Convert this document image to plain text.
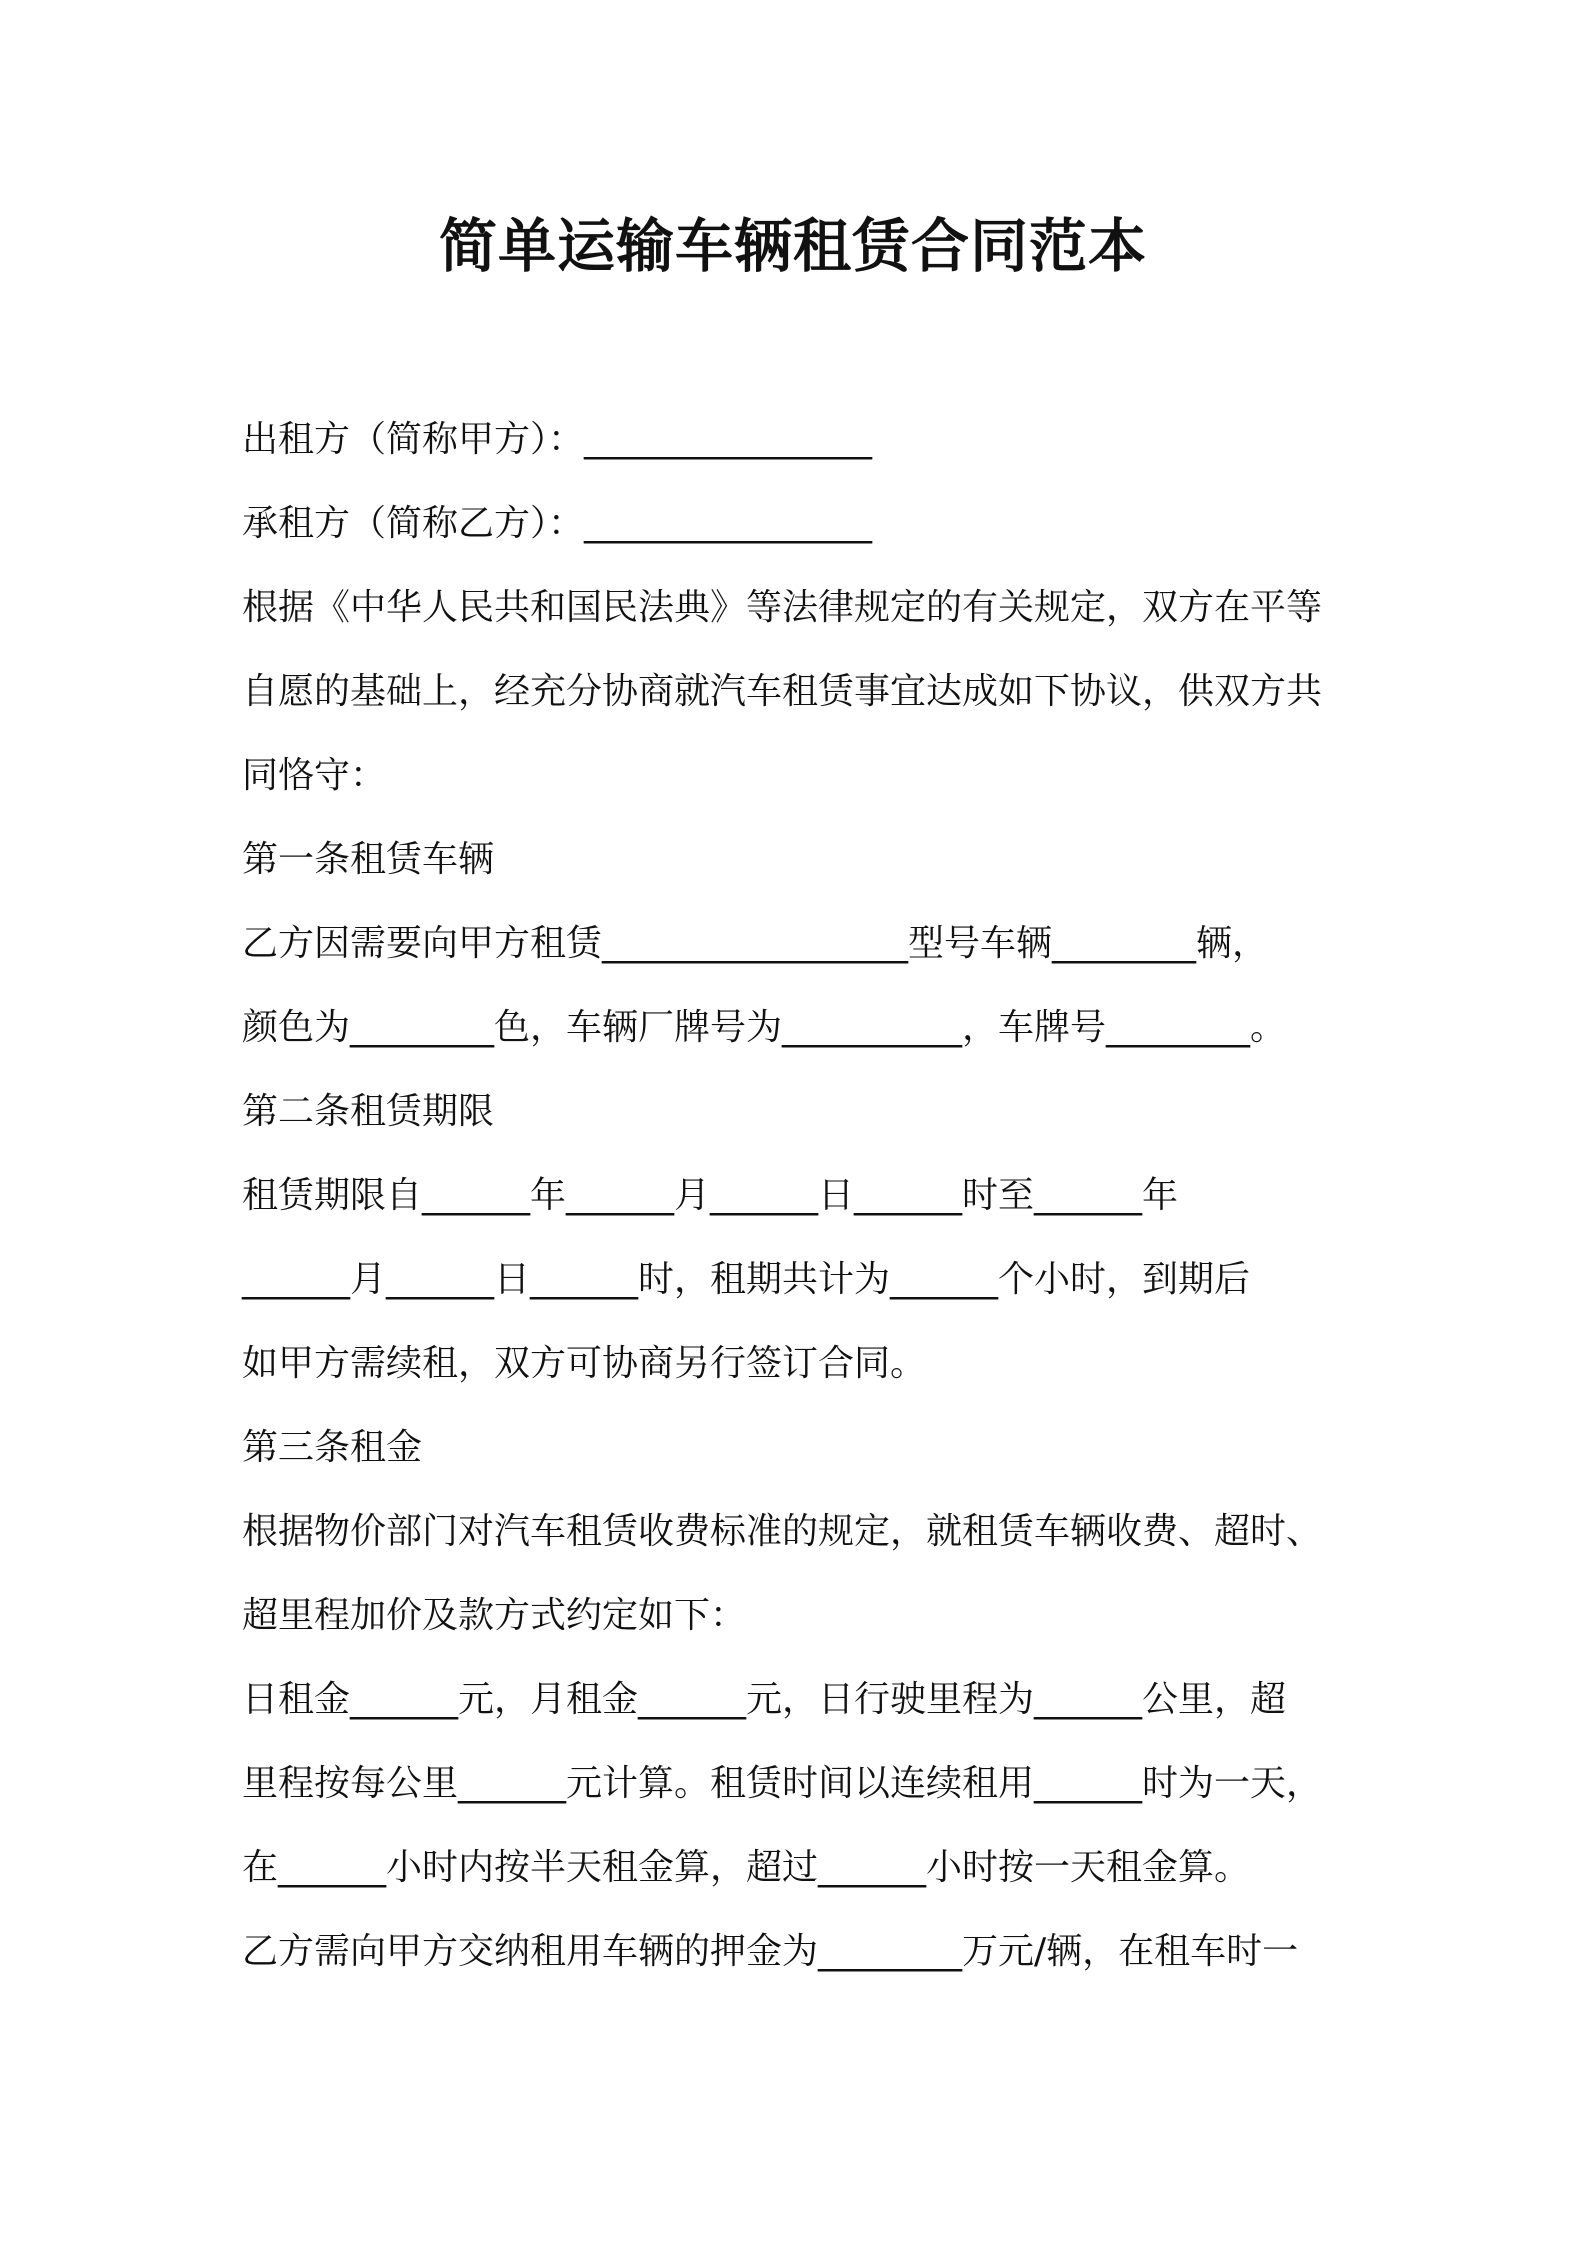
简单运输车辆租赁合同范本
出租方（简称甲方）：________________
承租方（简称乙方）：________________
根据《中华人民共和国民法典》等法律规定的有关规定，双方在平等
自愿的基础上，经充分协商就汽车租赁事宜达成如下协议，供双方共
同恪守：
第一条租赁车辆
乙方因需要向甲方租赁_________________型号车辆________辆，
颜色为________色，车辆厂牌号为__________，车牌号________。
第二条租赁期限
租赁期限自______年______月______日______时至______年
______月______日______时，租期共计为______个小时，到期后
如甲方需续租，双方可协商另行签订合同。
第三条租金
根据物价部门对汽车租赁收费标准的规定，就租赁车辆收费、超时、
超里程加价及款方式约定如下：
日租金______元，月租金______元，日行驶里程为______公里，超
里程按每公里______元计算。租赁时间以连续租用______时为一天，
在______小时内按半天租金算，超过______小时按一天租金算。
乙方需向甲方交纳租用车辆的押金为________万元/辆，在租车时一
